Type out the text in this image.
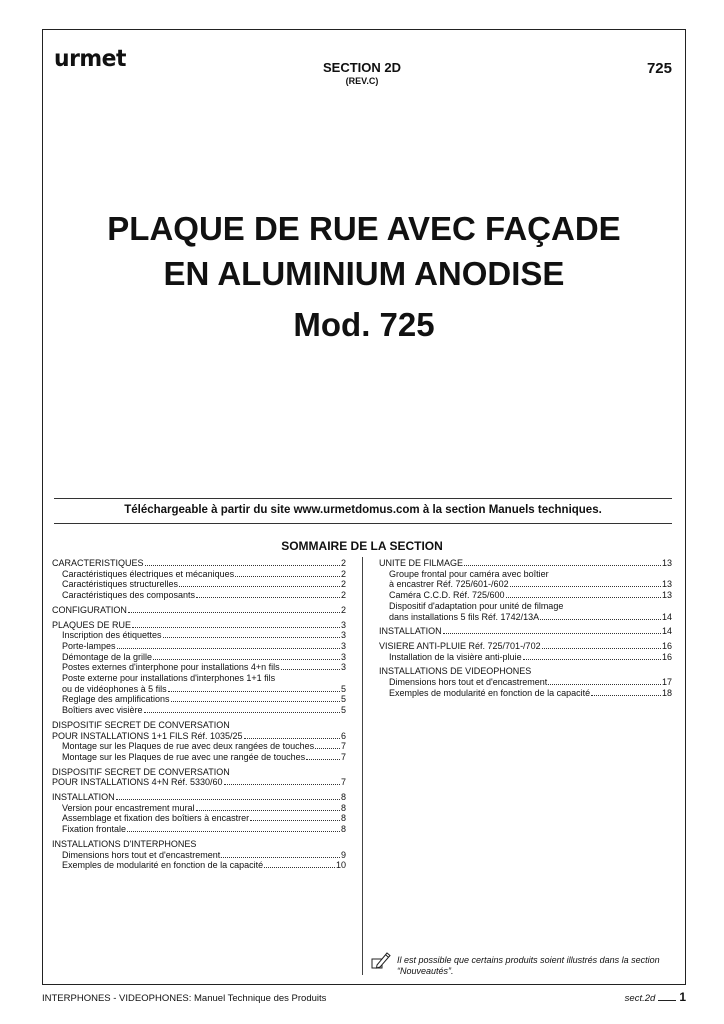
urmet	SECTION 2D
(REV.C)
725
PLAQUE DE RUE AVEC FAÇADE
EN ALUMINIUM ANODISE
Mod. 725
Téléchargeable à partir du site www.urmetdomus.com à la section Manuels techniques.
SOMMAIRE DE LA SECTION
CARACTERISTIQUES	2
Caractéristiques électriques et mécaniques	2
Caractéristiques structurelles	2
Caractéristiques des composants	2
CONFIGURATION	2
PLAQUES DE RUE	3
Inscription des étiquettes	3
Porte-lampes	3
Démontage de la grille	3
Postes externes d'interphone pour installations 4+n fils	3
Poste externe pour installations d'interphones 1+1 fils
ou de vidéophones à 5 fils	5
Reglage des amplifications	5
Boîtiers avec visière	5
DISPOSITIF SECRET DE CONVERSATION
POUR INSTALLATIONS 1+1 FILS Réf. 1035/25	6
Montage sur les Plaques de rue avec deux rangées de touches	7
Montage sur les Plaques de rue avec une rangée de touches	7
DISPOSITIF SECRET DE CONVERSATION
POUR INSTALLATIONS 4+N Réf. 5330/60	7
INSTALLATION	8
Version pour encastrement mural	8
Assemblage et fixation des boîtiers à encastrer	8
Fixation frontale	8
INSTALLATIONS D'INTERPHONES
Dimensions hors tout et d'encastrement	9
Exemples de modularité en fonction de la capacité	10
UNITE DE FILMAGE	13
Groupe frontal pour caméra avec boîtier
à encastrer Réf. 725/601-/602	13
Caméra C.C.D. Réf. 725/600	13
Dispositif d'adaptation pour unité de filmage
dans installations 5 fils Réf. 1742/13A	14
INSTALLATION	14
VISIERE ANTI-PLUIE Réf. 725/701-/702	16
Installation de la visière anti-pluie	16
INSTALLATIONS DE VIDEOPHONES
Dimensions hors tout et d'encastrement	17
Exemples de modularité en fonction de la capacité	18
Il est possible que certains produits soient illustrés dans la section “Nouveautés”.
INTERPHONES - VIDEOPHONES: Manuel Technique des Produits	sect.2d 1
